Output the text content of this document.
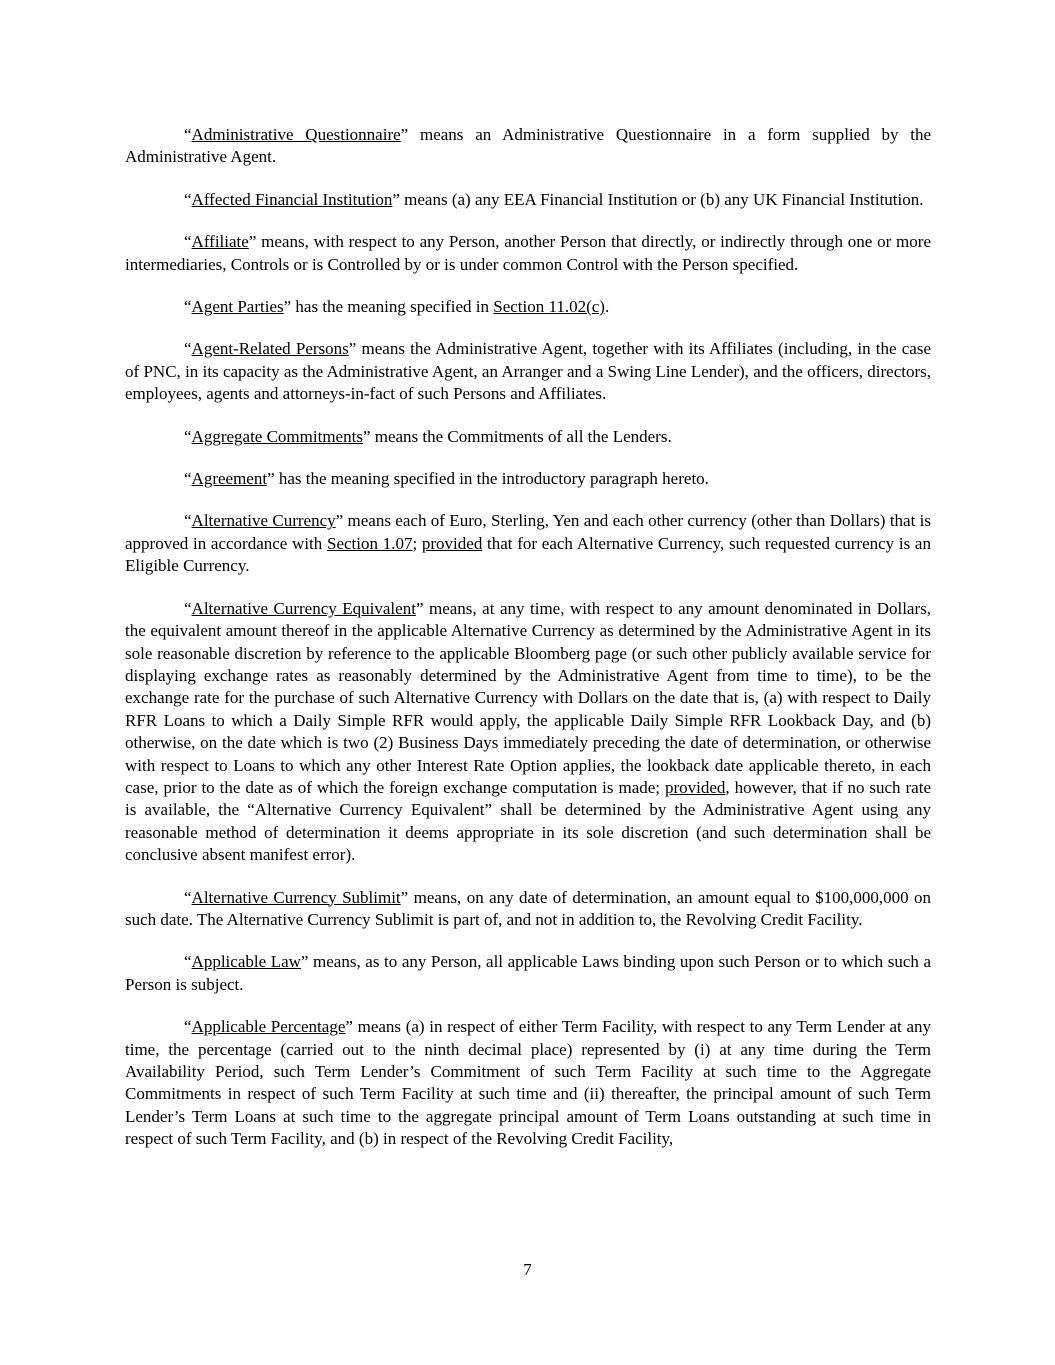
“Administrative Questionnaire” means an Administrative Questionnaire in a form supplied by the Administrative Agent.

“Affected Financial Institution” means (a) any EEA Financial Institution or (b) any UK Financial Institution.

“Affiliate” means, with respect to any Person, another Person that directly, or indirectly through one or more intermediaries, Controls or is Controlled by or is under common Control with the Person specified.

“Agent Parties” has the meaning specified in Section 11.02(c).

“Agent-Related Persons” means the Administrative Agent, together with its Affiliates (including, in the case of PNC, in its capacity as the Administrative Agent, an Arranger and a Swing Line Lender), and the officers, directors, employees, agents and attorneys-in-fact of such Persons and Affiliates.

“Aggregate Commitments” means the Commitments of all the Lenders.

“Agreement” has the meaning specified in the introductory paragraph hereto.

“Alternative Currency” means each of Euro, Sterling, Yen and each other currency (other than Dollars) that is approved in accordance with Section 1.07; provided that for each Alternative Currency, such requested currency is an Eligible Currency.

“Alternative Currency Equivalent” means, at any time, with respect to any amount denominated in Dollars, the equivalent amount thereof in the applicable Alternative Currency as determined by the Administrative Agent in its sole reasonable discretion by reference to the applicable Bloomberg page (or such other publicly available service for displaying exchange rates as reasonably determined by the Administrative Agent from time to time), to be the exchange rate for the purchase of such Alternative Currency with Dollars on the date that is, (a) with respect to Daily RFR Loans to which a Daily Simple RFR would apply, the applicable Daily Simple RFR Lookback Day, and (b) otherwise, on the date which is two (2) Business Days immediately preceding the date of determination, or otherwise with respect to Loans to which any other Interest Rate Option applies, the lookback date applicable thereto, in each case, prior to the date as of which the foreign exchange computation is made; provided, however, that if no such rate is available, the “Alternative Currency Equivalent” shall be determined by the Administrative Agent using any reasonable method of determination it deems appropriate in its sole discretion (and such determination shall be conclusive absent manifest error).

“Alternative Currency Sublimit” means, on any date of determination, an amount equal to $100,000,000 on such date. The Alternative Currency Sublimit is part of, and not in addition to, the Revolving Credit Facility.

“Applicable Law” means, as to any Person, all applicable Laws binding upon such Person or to which such a Person is subject.

“Applicable Percentage” means (a) in respect of either Term Facility, with respect to any Term Lender at any time, the percentage (carried out to the ninth decimal place) represented by (i) at any time during the Term Availability Period, such Term Lender’s Commitment of such Term Facility at such time to the Aggregate Commitments in respect of such Term Facility at such time and (ii) thereafter, the principal amount of such Term Lender’s Term Loans at such time to the aggregate principal amount of Term Loans outstanding at such time in respect of such Term Facility, and (b) in respect of the Revolving Credit Facility,

7
